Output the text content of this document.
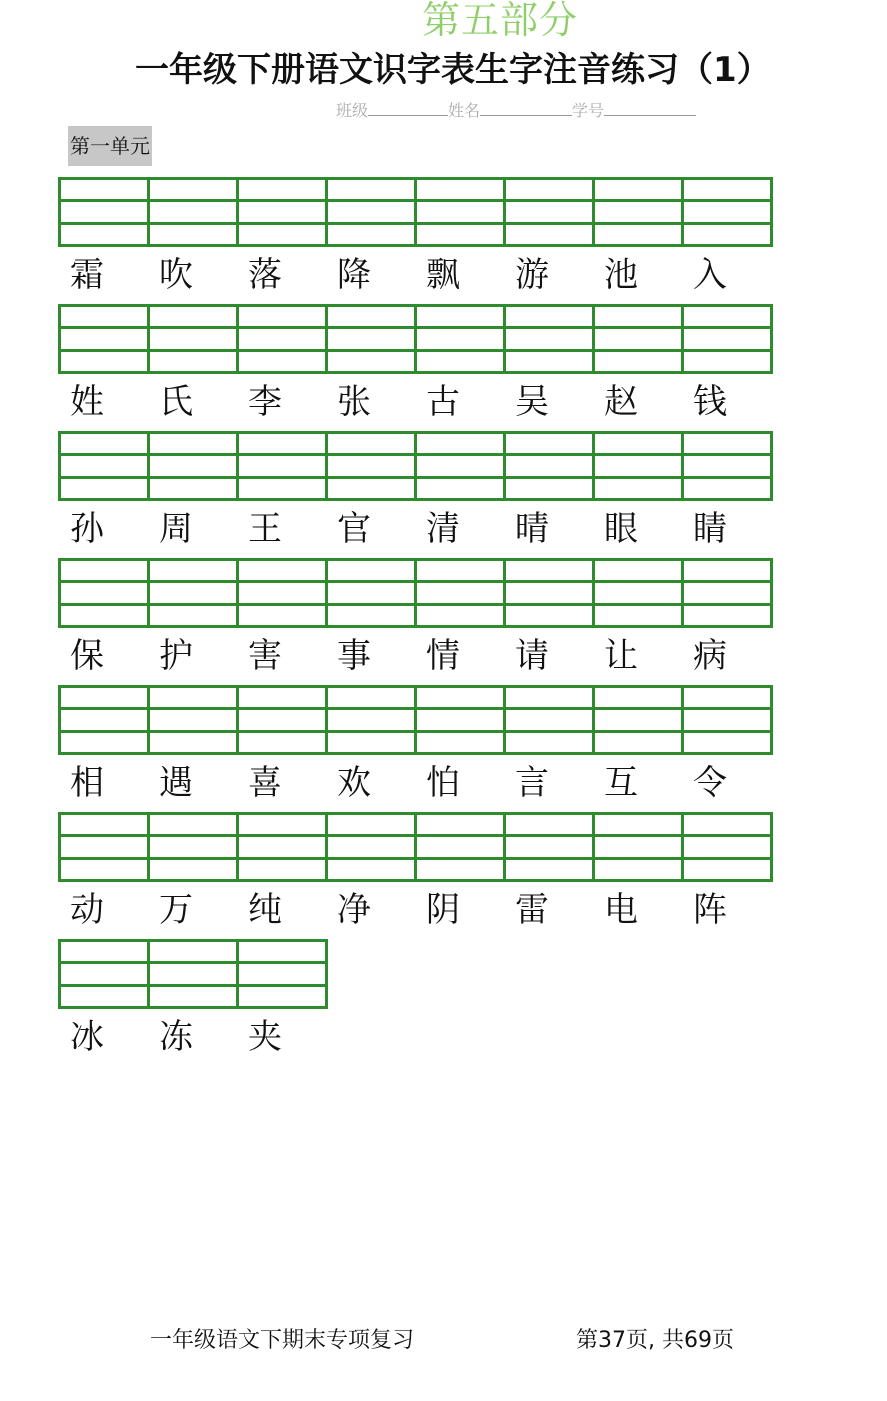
第五部分
一年级下册语文识字表生字注音练习（1）
班级	姓名	学号
第一单元
霜	吹	落	降	飘	游	池	入
姓	氏	李	张	古	吴	赵	钱
孙	周	王	官	清	晴	眼	睛
保	护	害	事	情	请	让	病
相	遇	喜	欢	怕	言	互	令
动	万	纯	净	阴	雷	电	阵
冰	冻	夹
一年级语文下期末专项复习	第37页, 共69页
